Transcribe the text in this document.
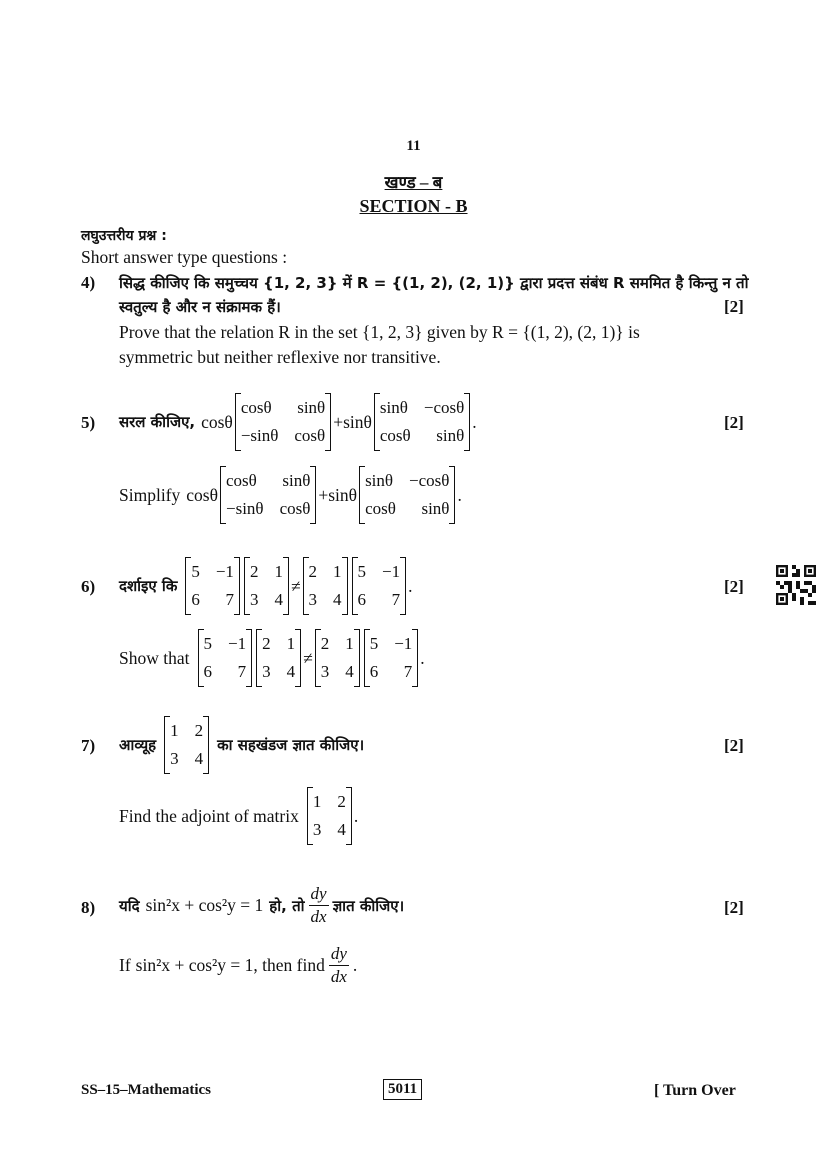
11
खण्ड – ब
SECTION - B
लघुउत्तरीय प्रश्न :
Short answer type questions :
4) सिद्ध कीजिए कि समुच्चय {1, 2, 3} में R = {(1, 2), (2, 1)} द्वारा प्रदत्त संबंध R सममित है किन्तु न तो
स्वतुल्य है और न संक्रामक हैं।	[2]
Prove that the relation R in the set {1, 2, 3} given by R = {(1, 2), (2, 1)} is
symmetric but neither reflexive nor transitive.
5) सरल कीजिए, cosθ
cosθ sinθ
−sinθ cosθ
+ sinθ
sinθ −cosθ
cosθ sinθ
.	[2]
Simplify cosθ
cosθ sinθ
−sinθ cosθ
+ sinθ
sinθ −cosθ
cosθ sinθ
.
6) दर्शाइए कि
5 −1
6 7
2 1
3 4
≠
2 1
3 4
5 −1
6 7
.	[2]
Show that
5 −1
6 7
2 1
3 4
≠
2 1
3 4
5 −1
6 7
.
7) आव्यूह
1 2
3 4
का सहखंडज ज्ञात कीजिए।	[2]
Find the adjoint of matrix
1 2
3 4
.
8) यदि sin²x + cos²y = 1 हो, तो $\frac{dy}{dx}$ ज्ञात कीजिए।	[2]
If sin²x + cos²y = 1 , then find $\frac{dy}{dx}$ .
SS–15–Mathematics	5011	[ Turn Over
